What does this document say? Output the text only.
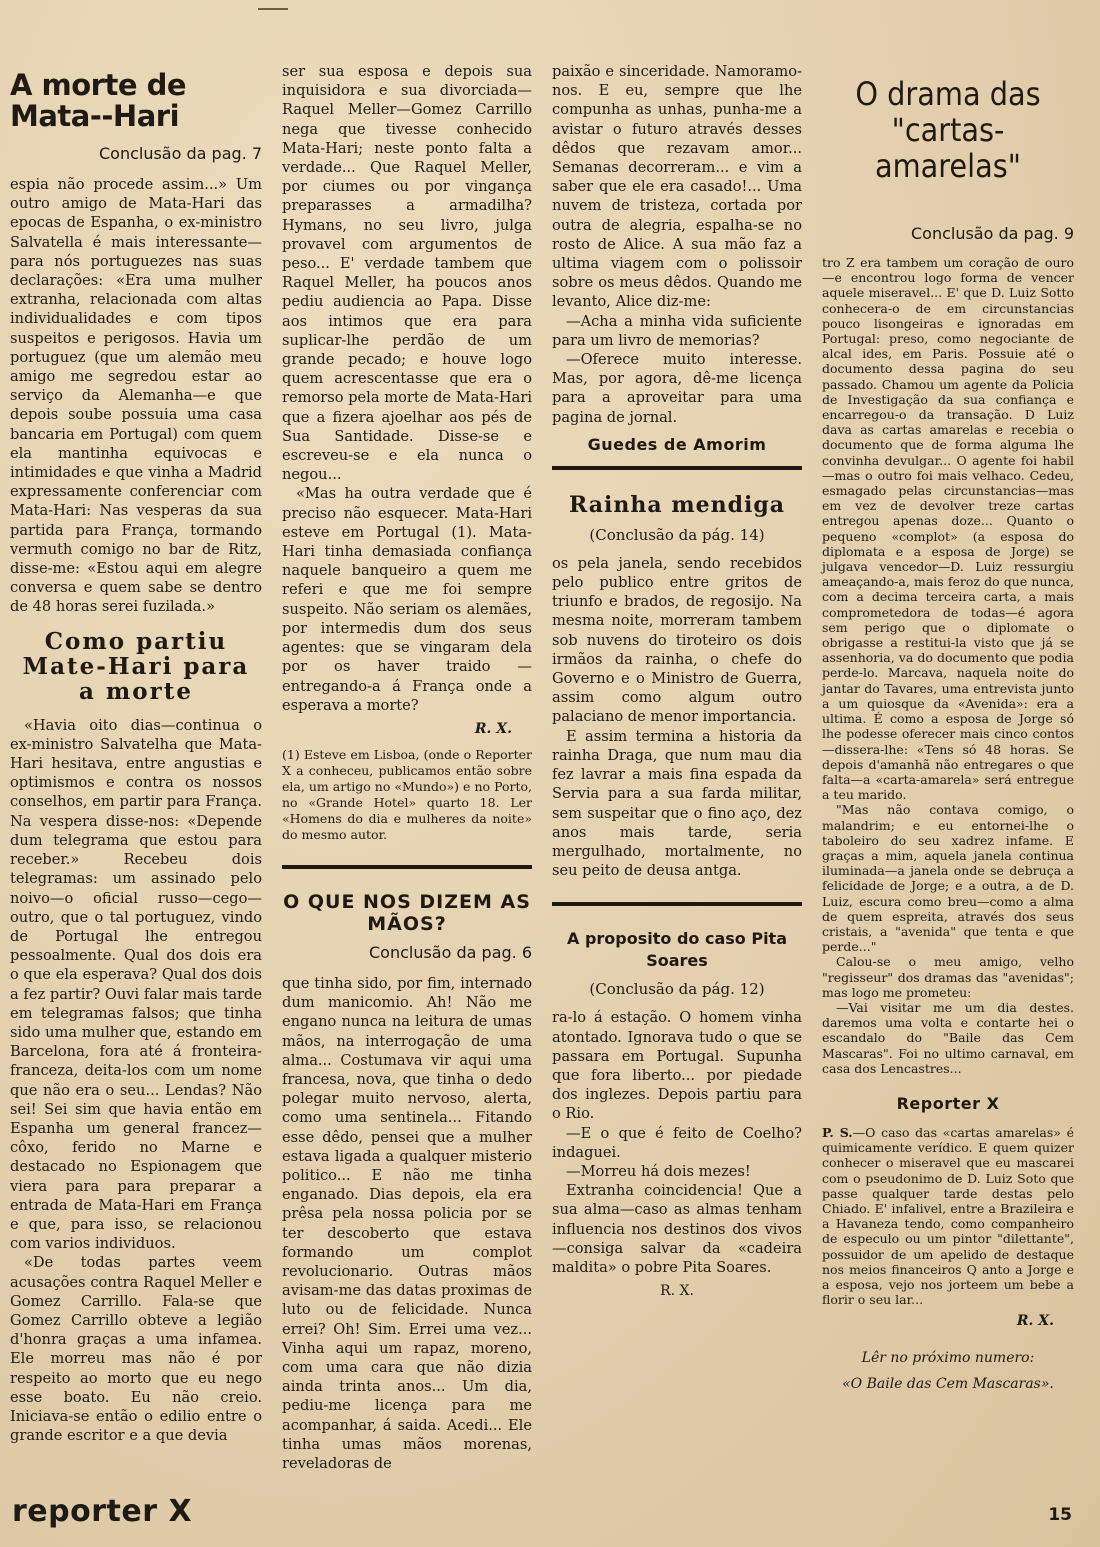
A morte de Mata--Hari
Conclusão da pag. 7

espia não procede assim...» Um outro amigo de Mata-Hari das epocas de Espanha, o ex-ministro Salvatella é mais interessante—para nós portuguezes nas suas declarações: «Era uma mulher extranha, relacionada com altas individualidades e com tipos suspeitos e perigosos. Havia um portuguez (que um alemão meu amigo me segredou estar ao serviço da Alemanha—e que depois soube possuia uma casa bancaria em Portugal) com quem ela mantinha equivocas e intimidades e que vinha a Madrid expressamente conferenciar com Mata-Hari: Nas vesperas da sua partida para França, tormando vermuth comigo no bar de Ritz, disse-me: «Estou aqui em alegre conversa e quem sabe se dentro de 48 horas serei fuzilada.»

Como partiu Mate-Hari para a morte

«Havia oito dias—continua o ex-ministro Salvatelha que Mata-Hari hesitava, entre angustias e optimismos e contra os nossos conselhos, em partir para França. Na vespera disse-nos: «Depende dum telegrama que estou para receber.» Recebeu dois telegramas: um assinado pelo noivo—o oficial russo—cego—outro, que o tal portuguez, vindo de Portugal lhe entregou pessoalmente. Qual dos dois era o que ela esperava? Qual dos dois a fez partir? Ouvi falar mais tarde em telegramas falsos; que tinha sido uma mulher que, estando em Barcelona, fora até á fronteira-franceza, deita-los com um nome que não era o seu... Lendas? Não sei! Sei sim que havia então em Espanha um general francez—côxo, ferido no Marne e destacado no Espionagem que viera para para preparar a entrada de Mata-Hari em França e que, para isso, se relacionou com varios individuos.

«De todas partes veem acusações contra Raquel Meller e Gomez Carrillo. Fala-se que Gomez Carrillo obteve a legião d'honra graças a uma infamea. Ele morreu mas não é por respeito ao morto que eu nego esse boato. Eu não creio. Iniciava-se então o edilio entre o grande escritor e a que devia

ser sua esposa e depois sua inquisidora e sua divorciada—Raquel Meller—Gomez Carrillo nega que tivesse conhecido Mata-Hari; neste ponto falta a verdade... Que Raquel Meller, por ciumes ou por vingança preparasses a armadilha? Hymans, no seu livro, julga provavel com argumentos de peso... E' verdade tambem que Raquel Meller, ha poucos anos pediu audiencia ao Papa. Disse aos intimos que era para suplicar-lhe perdão de um grande pecado; e houve logo quem acrescentasse que era o remorso pela morte de Mata-Hari que a fizera ajoelhar aos pés de Sua Santidade. Disse-se e escreveu-se e ela nunca o negou...

«Mas ha outra verdade que é preciso não esquecer. Mata-Hari esteve em Portugal (1). Mata-Hari tinha demasiada confiança naquele banqueiro a quem me referi e que me foi sempre suspeito. Não seriam os alemães, por intermedis dum dos seus agentes: que se vingaram dela por os haver traido — entregando-a á França onde a esperava a morte?

R. X.
(1) Esteve em Lisboa, (onde o Reporter X a conheceu, publicamos então sobre ela, um artigo no «Mundo») e no Porto, no «Grande Hotel» quarto 18. Ler «Homens do dia e mulheres da noite» do mesmo autor.
O QUE NOS DIZEM AS MÃOS?
Conclusão da pag. 6

que tinha sido, por fim, internado dum manicomio. Ah! Não me engano nunca na leitura de umas mãos, na interrogação de uma alma... Costumava vir aqui uma francesa, nova, que tinha o dedo polegar muito nervoso, alerta, como uma sentinela... Fitando esse dêdo, pensei que a mulher estava ligada a qualquer misterio politico... E não me tinha enganado. Dias depois, ela era prêsa pela nossa policia por se ter descoberto que estava formando um complot revolucionario. Outras mãos avisam-me das datas proximas de luto ou de felicidade. Nunca errei? Oh! Sim. Errei uma vez... Vinha aqui um rapaz, moreno, com uma cara que não dizia ainda trinta anos... Um dia, pediu-me licença para me acompanhar, á saida. Acedi... Ele tinha umas mãos morenas, reveladoras de

paixão e sinceridade. Namoramo-nos. E eu, sempre que lhe compunha as unhas, punha-me a avistar o futuro através desses dêdos que rezavam amor... Semanas decorreram... e vim a saber que ele era casado!... Uma nuvem de tristeza, cortada por outra de alegria, espalha-se no rosto de Alice. A sua mão faz a ultima viagem com o polissoir sobre os meus dêdos. Quando me levanto, Alice diz-me:

—Acha a minha vida suficiente para um livro de memorias?

—Oferece muito interesse. Mas, por agora, dê-me licença para a aproveitar para uma pagina de jornal.

Guedes de Amorim
Rainha mendiga
(Conclusão da pág. 14)

os pela janela, sendo recebidos pelo publico entre gritos de triunfo e brados, de regosijo. Na mesma noite, morreram tambem sob nuvens do tiroteiro os dois irmãos da rainha, o chefe do Governo e o Ministro de Guerra, assim como algum outro palaciano de menor importancia.

E assim termina a historia da rainha Draga, que num mau dia fez lavrar a mais fina espada da Servia para a sua farda militar, sem suspeitar que o fino aço, dez anos mais tarde, seria mergulhado, mortalmente, no seu peito de deusa antga.

A proposito do caso Pita Soares
(Conclusão da pág. 12)

ra-lo á estação. O homem vinha atontado. Ignorava tudo o que se passara em Portugal. Supunha que fora liberto... por piedade dos inglezes. Depois partiu para o Rio.

—E o que é feito de Coelho? indaguei.

—Morreu há dois mezes!

Extranha coincidencia! Que a sua alma—caso as almas tenham influencia nos destinos dos vivos—consiga salvar da «cadeira maldita» o pobre Pita Soares.

R. X.
O drama das "cartas-amarelas"
Conclusão da pag. 9

tro Z era tambem um coração de ouro—e encontrou logo forma de vencer aquele miseravel... E' que D. Luiz Sotto conhecera-o de em circunstancias pouco lisongeiras e ignoradas em Portugal: preso, como negociante de alcal ides, em Paris. Possuie até o documento dessa pagina do seu passado. Chamou um agente da Policia de Investigação da sua confiança e encarregou-o da transação. D Luiz dava as cartas amarelas e recebia o documento que de forma alguma lhe convinha devulgar... O agente foi habil—mas o outro foi mais velhaco. Cedeu, esmagado pelas circunstancias—mas em vez de devolver treze cartas entregou apenas doze... Quanto o pequeno «complot» (a esposa do diplomata e a esposa de Jorge) se julgava vencedor—D. Luiz ressurgiu ameaçando-a, mais feroz do que nunca, com a decima terceira carta, a mais comprometedora de todas—é agora sem perigo que o diplomate o obrigasse a restitui-la visto que já se assenhoria, va do documento que podia perde-lo. Marcava, naquela noite do jantar do Tavares, uma entrevista junto a um quiosque da «Avenida»: era a ultima. É como a esposa de Jorge só lhe podesse oferecer mais cinco contos—dissera-lhe: «Tens só 48 horas. Se depois d'amanhã não entregares o que falta—a «carta-amarela» será entregue a teu marido.

"Mas não contava comigo, o malandrim; e eu entornei-lhe o taboleiro do seu xadrez infame. E graças a mim, aquela janela continua iluminada—a janela onde se debruça a felicidade de Jorge; e a outra, a de D. Luiz, escura como breu—como a alma de quem espreita, através dos seus cristais, a "avenida" que tenta e que perde..."

Calou-se o meu amigo, velho "regisseur" dos dramas das "avenidas"; mas logo me prometeu:

—Vai visitar me um dia destes. daremos uma volta e contarte hei o escandalo do "Baile das Cem Mascaras". Foi no ultimo carnaval, em casa dos Lencastres...

Reporter X

P. S.—O caso das «cartas amarelas» é quimicamente verídico. E quem quizer conhecer o miseravel que eu mascarei com o pseudonimo de D. Luiz Soto que passe qualquer tarde destas pelo Chiado. E' infalivel, entre a Brazileira e a Havaneza tendo, como companheiro de especulo ou um pintor "dilettante", possuidor de um apelido de destaque nos meios financeiros Q anto a Jorge e a esposa, vejo nos jorteem um bebe a florir o seu lar...

R. X.
Lêr no próximo numero:
«O Baile das Cem Mascaras».
reporter X	15
